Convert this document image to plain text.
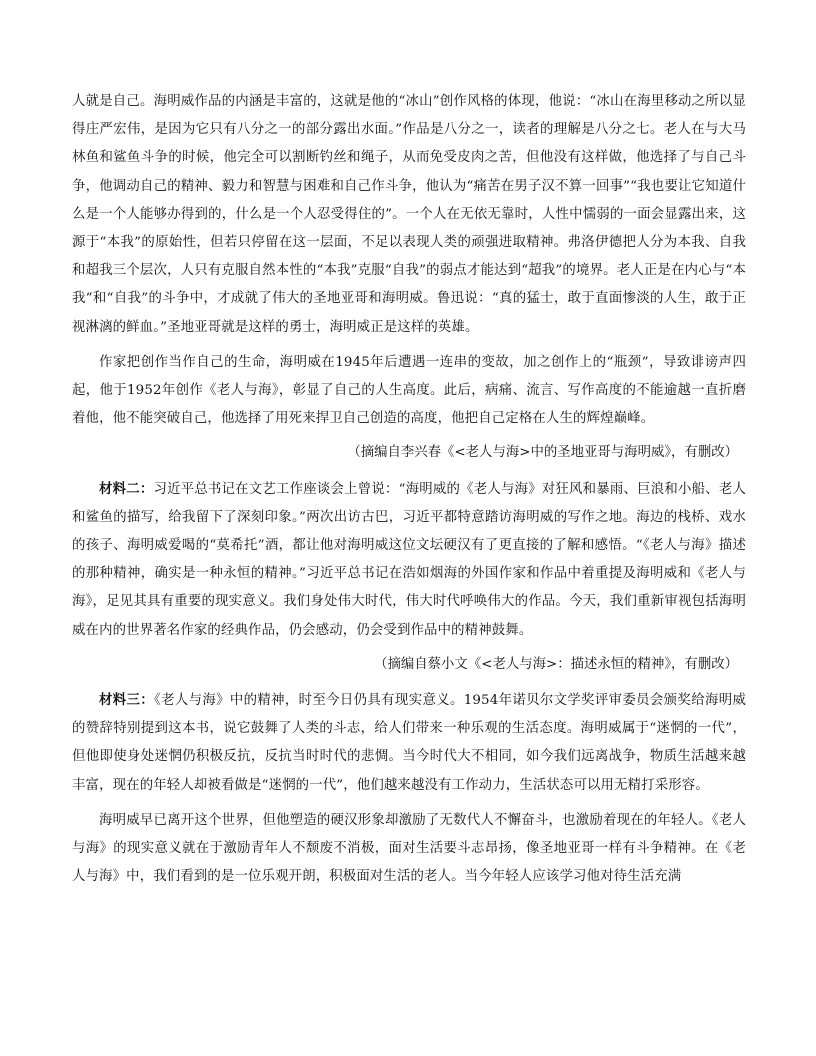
人就是自己。海明威作品的内涵是丰富的，这就是他的“冰山”创作风格的体现，他说：“冰山在海里移动之所以显得庄严宏伟，是因为它只有八分之一的部分露出水面。”作品是八分之一，读者的理解是八分之七。老人在与大马林鱼和鲨鱼斗争的时候，他完全可以割断钓丝和绳子，从而免受皮肉之苦，但他没有这样做，他选择了与自己斗争，他调动自己的精神、毅力和智慧与困难和自己作斗争，他认为“痛苦在男子汉不算一回事”“我也要让它知道什么是一个人能够办得到的，什么是一个人忍受得住的”。一个人在无依无靠时，人性中懦弱的一面会显露出来，这源于“本我”的原始性，但若只停留在这一层面，不足以表现人类的顽强进取精神。弗洛伊德把人分为本我、自我和超我三个层次，人只有克服自然本性的“本我”克服“自我”的弱点才能达到“超我”的境界。老人正是在内心与“本我”和“自我”的斗争中，才成就了伟大的圣地亚哥和海明威。鲁迅说：“真的猛士，敢于直面惨淡的人生，敢于正视淋漓的鲜血。”圣地亚哥就是这样的勇士，海明威正是这样的英雄。

作家把创作当作自己的生命，海明威在1945年后遭遇一连串的变故，加之创作上的“瓶颈”，导致诽谤声四起，他于1952年创作《老人与海》，彰显了自己的人生高度。此后，病痛、流言、写作高度的不能逾越一直折磨着他，他不能突破自己，他选择了用死来捍卫自己创造的高度，他把自己定格在人生的辉煌巅峰。

（摘编自李兴春《<老人与海>中的圣地亚哥与海明威》，有删改）

材料二：习近平总书记在文艺工作座谈会上曾说：“海明威的《老人与海》对狂风和暴雨、巨浪和小船、老人和鲨鱼的描写，给我留下了深刻印象。”两次出访古巴，习近平都特意踏访海明威的写作之地。海边的栈桥、戏水的孩子、海明威爱喝的“莫希托”酒，都让他对海明威这位文坛硬汉有了更直接的了解和感悟。“《老人与海》描述的那种精神，确实是一种永恒的精神。”习近平总书记在浩如烟海的外国作家和作品中着重提及海明威和《老人与海》，足见其具有重要的现实意义。我们身处伟大时代，伟大时代呼唤伟大的作品。今天，我们重新审视包括海明威在内的世界著名作家的经典作品，仍会感动，仍会受到作品中的精神鼓舞。

（摘编自蔡小文《<老人与海>：描述永恒的精神》，有删改）

材料三：《老人与海》中的精神，时至今日仍具有现实意义。1954年诺贝尔文学奖评审委员会颁奖给海明威的赞辞特别提到这本书，说它鼓舞了人类的斗志，给人们带来一种乐观的生活态度。海明威属于“迷惘的一代”，但他即使身处迷惘仍积极反抗，反抗当时时代的悲惆。当今时代大不相同，如今我们远离战争，物质生活越来越丰富，现在的年轻人却被看做是“迷惘的一代”，他们越来越没有工作动力，生活状态可以用无精打采形容。

海明威早已离开这个世界，但他塑造的硬汉形象却激励了无数代人不懈奋斗，也激励着现在的年轻人。《老人与海》的现实意义就在于激励青年人不颓废不消极，面对生活要斗志昂扬，像圣地亚哥一样有斗争精神。在《老人与海》中，我们看到的是一位乐观开朗，积极面对生活的老人。当今年轻人应该学习他对待生活充满
